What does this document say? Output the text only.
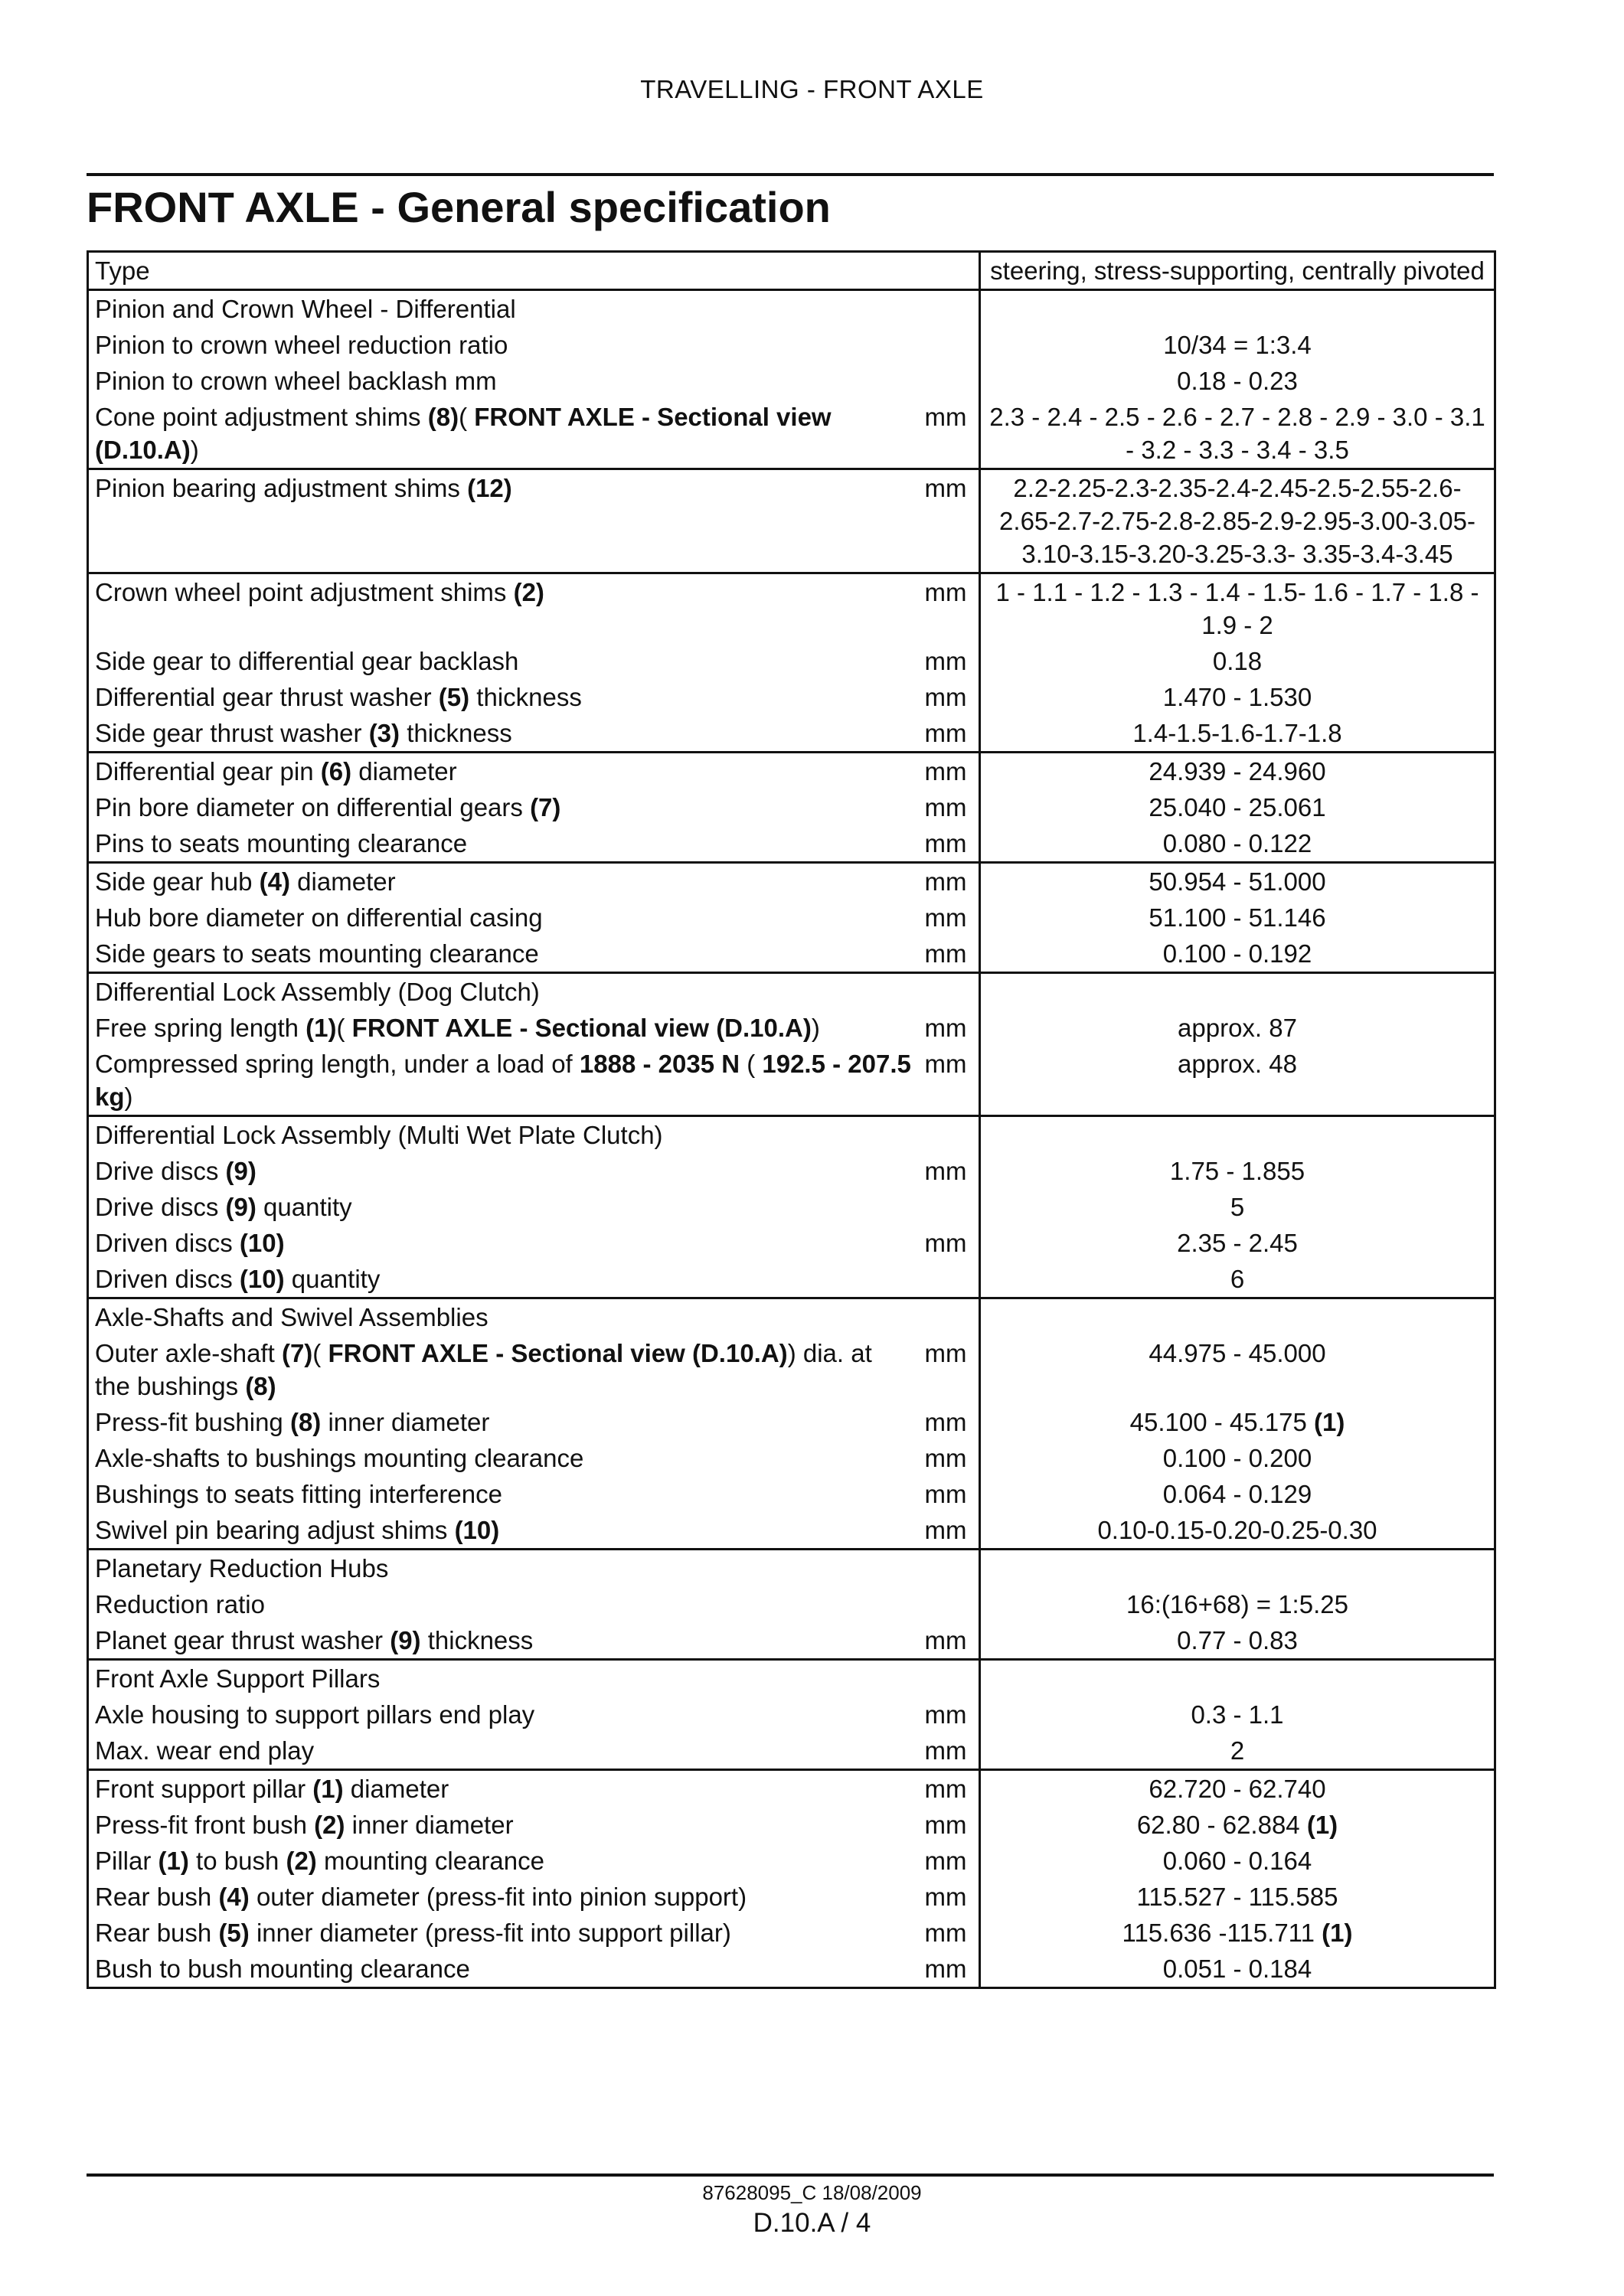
TRAVELLING - FRONT AXLE
FRONT AXLE - General specification
Type		steering, stress-supporting, centrally pivoted
Pinion and Crown Wheel - Differential		
Pinion to crown wheel reduction ratio		10/34 = 1:3.4
Pinion to crown wheel backlash mm		0.18 - 0.23
Cone point adjustment shims (8)( FRONT AXLE - Sectional view (D.10.A))	mm	2.3 - 2.4 - 2.5 - 2.6 - 2.7 - 2.8 - 2.9 - 3.0 - 3.1 - 3.2 - 3.3 - 3.4 - 3.5
Pinion bearing adjustment shims (12)	mm	2.2-2.25-2.3-2.35-2.4-2.45-2.5-2.55-2.6-2.65-2.7-2.75-2.8-2.85-2.9-2.95-3.00-3.05-3.10-3.15-3.20-3.25-3.3- 3.35-3.4-3.45
Crown wheel point adjustment shims (2)	mm	1 - 1.1 - 1.2 - 1.3 - 1.4 - 1.5- 1.6 - 1.7 - 1.8 - 1.9 - 2
Side gear to differential gear backlash	mm	0.18
Differential gear thrust washer (5) thickness	mm	1.470 - 1.530
Side gear thrust washer (3) thickness	mm	1.4-1.5-1.6-1.7-1.8
Differential gear pin (6) diameter	mm	24.939 - 24.960
Pin bore diameter on differential gears (7)	mm	25.040 - 25.061
Pins to seats mounting clearance	mm	0.080 - 0.122
Side gear hub (4) diameter	mm	50.954 - 51.000
Hub bore diameter on differential casing	mm	51.100 - 51.146
Side gears to seats mounting clearance	mm	0.100 - 0.192
Differential Lock Assembly (Dog Clutch)		
Free spring length (1)( FRONT AXLE - Sectional view (D.10.A))	mm	approx. 87
Compressed spring length, under a load of 1888 - 2035 N ( 192.5 - 207.5 kg)	mm	approx. 48
Differential Lock Assembly (Multi Wet Plate Clutch)		
Drive discs (9)	mm	1.75 - 1.855
Drive discs (9) quantity		5
Driven discs (10)	mm	2.35 - 2.45
Driven discs (10) quantity		6
Axle-Shafts and Swivel Assemblies		
Outer axle-shaft (7)( FRONT AXLE - Sectional view (D.10.A)) dia. at the bushings (8)	mm	44.975 - 45.000
Press-fit bushing (8) inner diameter	mm	45.100 - 45.175 (1)
Axle-shafts to bushings mounting clearance	mm	0.100 - 0.200
Bushings to seats fitting interference	mm	0.064 - 0.129
Swivel pin bearing adjust shims (10)	mm	0.10-0.15-0.20-0.25-0.30
Planetary Reduction Hubs		
Reduction ratio		16:(16+68) = 1:5.25
Planet gear thrust washer (9) thickness	mm	0.77 - 0.83
Front Axle Support Pillars		
Axle housing to support pillars end play	mm	0.3 - 1.1
Max. wear end play	mm	2
Front support pillar (1) diameter	mm	62.720 - 62.740
Press-fit front bush (2) inner diameter	mm	62.80 - 62.884 (1)
Pillar (1) to bush (2) mounting clearance	mm	0.060 - 0.164
Rear bush (4) outer diameter (press-fit into pinion support)	mm	115.527 - 115.585
Rear bush (5) inner diameter (press-fit into support pillar)	mm	115.636 -115.711 (1)
Bush to bush mounting clearance	mm	0.051 - 0.184
87628095_C 18/08/2009
D.10.A / 4
